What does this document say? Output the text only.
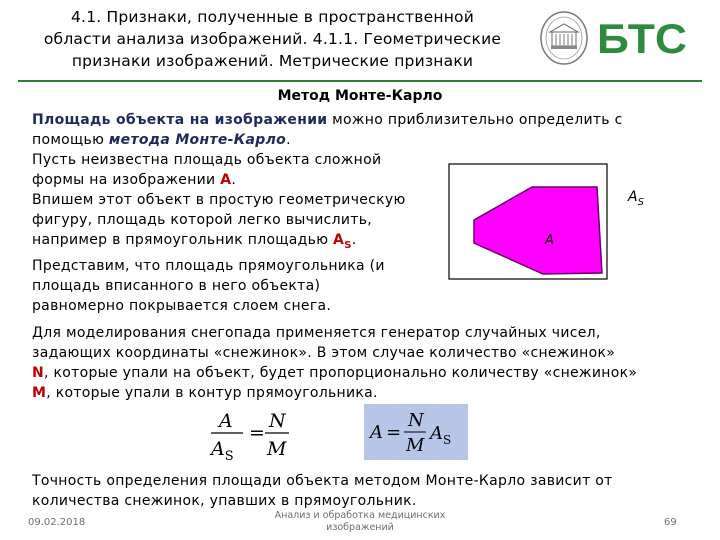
4.1. Признаки, полученные в пространственной
области анализа изображений. 4.1.1. Геометрические
признаки изображений. Метрические признаки	БТС
Метод Монте-Карло
Площадь объекта на изображении можно приблизительно определить с
помощью метода Монте-Карло.
Пусть неизвестна площадь объекта сложной
формы на изображении A.
Впишем этот объект в простую геометрическую
фигуру, площадь которой легко вычислить,
например в прямоугольник площадью $A_S$.
Представим, что площадь прямоугольника (и
площадь вписанного в него объекта)
равномерно покрывается слоем снега.
$A_S$
A
Для моделирования снегопада применяется генератор случайных чисел,
задающих координаты «снежинок». В этом случае количество «снежинок»
N, которые упали на объект, будет пропорционально количеству «снежинок»
M, которые упали в контур прямоугольника.
A
$A_S$
=
N
M
A =
N
M
$A_S$
Точность определения площади объекта методом Монте-Карло зависит от
количества снежинок, упавших в прямоугольник.
09.02.2018
Анализ и обработка медицинских
изображений	69
